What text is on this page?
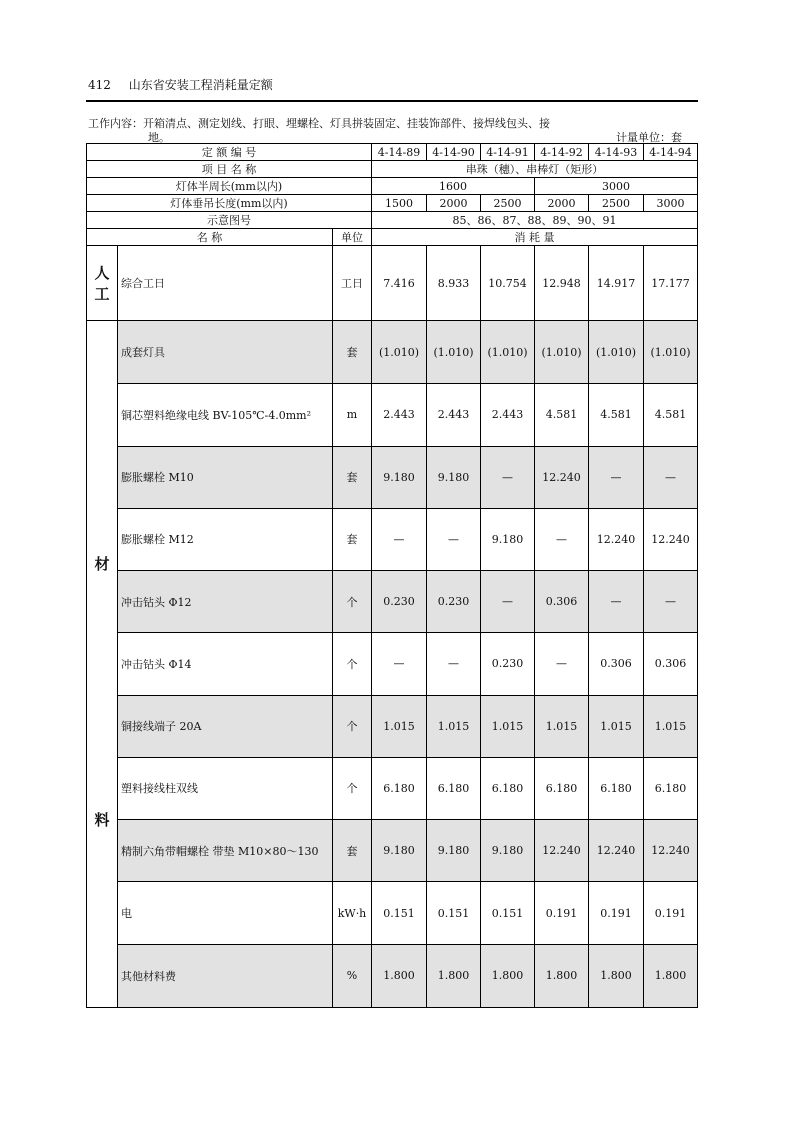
412 山东省安装工程消耗量定额
工作内容：开箱清点、测定划线、打眼、埋螺栓、灯具拼装固定、挂装饰部件、接焊线包头、接
地。	计量单位：套
定 额 编 号			4-14-89	4-14-90	4-14-91	4-14-92	4-14-93	4-14-94
项 目 名 称			串珠（穗）、串棒灯（矩形）					
灯体半周长(mm以内)			1600			3000		
灯体垂吊长度(mm以内)			1500	2000	2500	2000	2500	3000
示意图号			85、86、87、88、89、90、91					
名 称		单位	消 耗 量					

人
工	综合工日	工日	7.416	8.933	10.754	12.948	14.917	17.177

材
料	成套灯具	套	(1.010)	(1.010)	(1.010)	(1.010)	(1.010)	(1.010)
	铜芯塑料绝缘电线 BV-105℃-4.0mm²	m	2.443	2.443	2.443	4.581	4.581	4.581
	膨胀螺栓 M10	套	9.180	9.180	—	12.240	—	—
	膨胀螺栓 M12	套	—	—	9.180	—	12.240	12.240
	冲击钻头 Φ12	个	0.230	0.230	—	0.306	—	—
	冲击钻头 Φ14	个	—	—	0.230	—	0.306	0.306
	铜接线端子 20A	个	1.015	1.015	1.015	1.015	1.015	1.015
	塑料接线柱双线	个	6.180	6.180	6.180	6.180	6.180	6.180
	精制六角带帽螺栓 带垫 M10×80～130	套	9.180	9.180	9.180	12.240	12.240	12.240
	电	kW·h	0.151	0.151	0.151	0.191	0.191	0.191
	其他材料费	%	1.800	1.800	1.800	1.800	1.800	1.800
